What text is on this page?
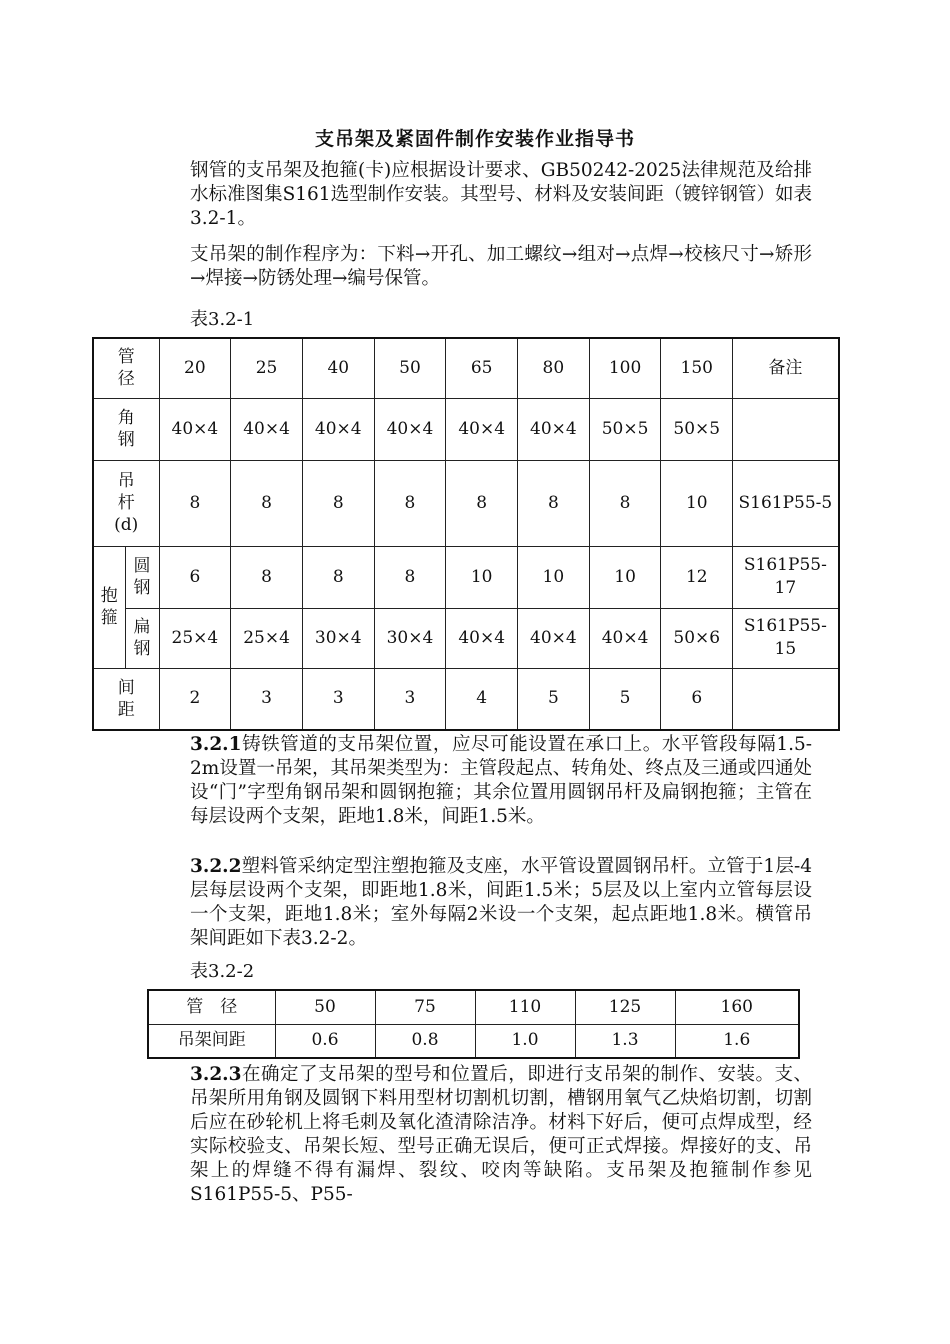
支吊架及紧固件制作安装作业指导书
钢管的支吊架及抱箍(卡)应根据设计要求、GB50242-2025法律规范及给排水标准图集S161选型制作安装。其型号、材料及安装间距（镀锌钢管）如表3.2-1。
支吊架的制作程序为：下料→开孔、加工螺纹→组对→点焊→校核尺寸→矫形→焊接→防锈处理→编号保管。
表3.2-1
管径		20	25	40	50	65	80	100	150	备注
角钢		40×4	40×4	40×4	40×4	40×4	40×4	50×5	50×5	
吊杆(d)		8	8	8	8	8	8	8	10	S161P55-5
抱箍	圆钢	6	8	8	8	10	10	10	12	S161P55-17
	扁钢	25×4	25×4	30×4	30×4	40×4	40×4	40×4	50×6	S161P55-15
间距		2	3	3	3	4	5	5	6	
3.2.1铸铁管道的支吊架位置，应尽可能设置在承口上。水平管段每隔1.5-2m设置一吊架，其吊架类型为：主管段起点、转角处、终点及三通或四通处设“门”字型角钢吊架和圆钢抱箍；其余位置用圆钢吊杆及扁钢抱箍；主管在每层设两个支架，距地1.8米，间距1.5米。
3.2.2塑料管采纳定型注塑抱箍及支座，水平管设置圆钢吊杆。立管于1层-4层每层设两个支架，即距地1.8米，间距1.5米；5层及以上室内立管每层设一个支架，距地1.8米；室外每隔2米设一个支架，起点距地1.8米。横管吊架间距如下表3.2-2。
表3.2-2
管　径	50	75	110	125	160
吊架间距	0.6	0.8	1.0	1.3	1.6
3.2.3在确定了支吊架的型号和位置后，即进行支吊架的制作、安装。支、吊架所用角钢及圆钢下料用型材切割机切割，槽钢用氧气乙炔焰切割，切割后应在砂轮机上将毛刺及氧化渣清除洁净。材料下好后，便可点焊成型，经实际校验支、吊架长短、型号正确无误后，便可正式焊接。焊接好的支、吊架上的焊缝不得有漏焊、裂纹、咬肉等缺陷。支吊架及抱箍制作参见S161P55-5、P55-
